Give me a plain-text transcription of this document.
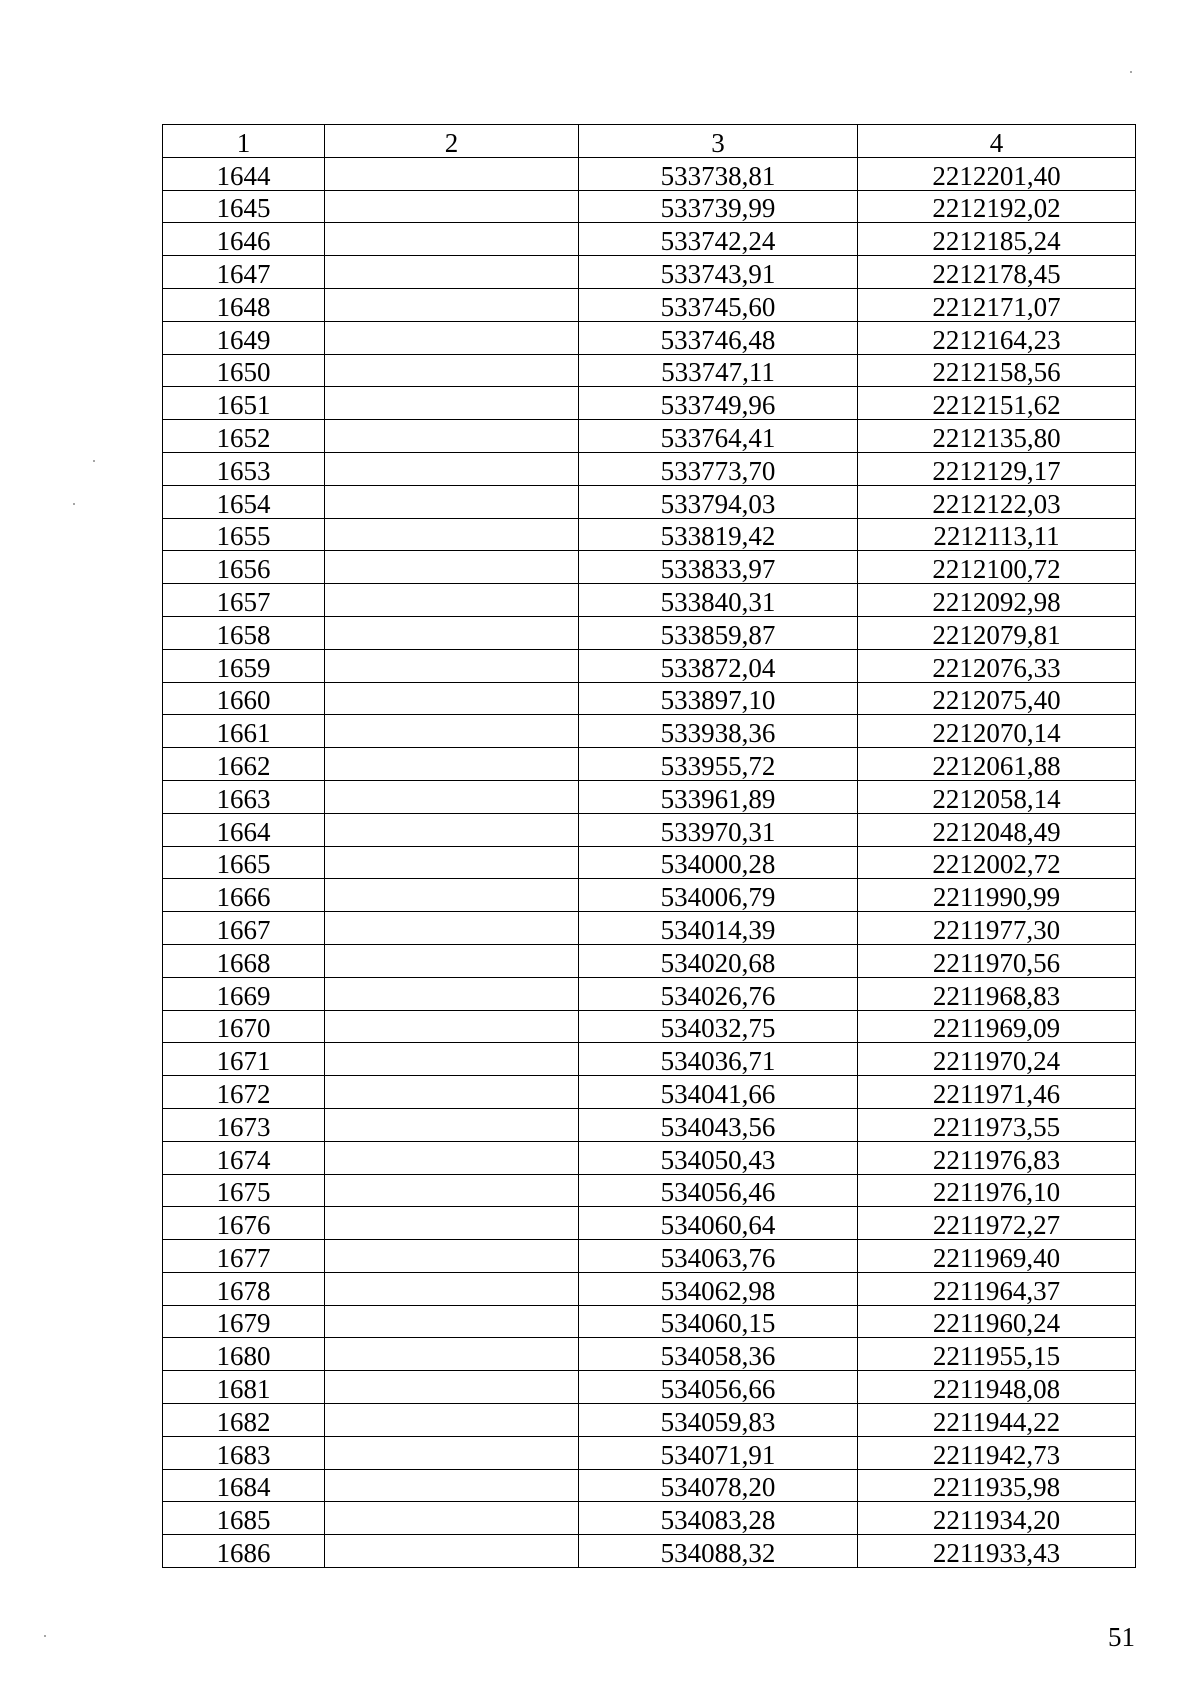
1	2	3	4
1644		533738,81	2212201,40
1645		533739,99	2212192,02
1646		533742,24	2212185,24
1647		533743,91	2212178,45
1648		533745,60	2212171,07
1649		533746,48	2212164,23
1650		533747,11	2212158,56
1651		533749,96	2212151,62
1652		533764,41	2212135,80
1653		533773,70	2212129,17
1654		533794,03	2212122,03
1655		533819,42	2212113,11
1656		533833,97	2212100,72
1657		533840,31	2212092,98
1658		533859,87	2212079,81
1659		533872,04	2212076,33
1660		533897,10	2212075,40
1661		533938,36	2212070,14
1662		533955,72	2212061,88
1663		533961,89	2212058,14
1664		533970,31	2212048,49
1665		534000,28	2212002,72
1666		534006,79	2211990,99
1667		534014,39	2211977,30
1668		534020,68	2211970,56
1669		534026,76	2211968,83
1670		534032,75	2211969,09
1671		534036,71	2211970,24
1672		534041,66	2211971,46
1673		534043,56	2211973,55
1674		534050,43	2211976,83
1675		534056,46	2211976,10
1676		534060,64	2211972,27
1677		534063,76	2211969,40
1678		534062,98	2211964,37
1679		534060,15	2211960,24
1680		534058,36	2211955,15
1681		534056,66	2211948,08
1682		534059,83	2211944,22
1683		534071,91	2211942,73
1684		534078,20	2211935,98
1685		534083,28	2211934,20
1686		534088,32	2211933,43
51
